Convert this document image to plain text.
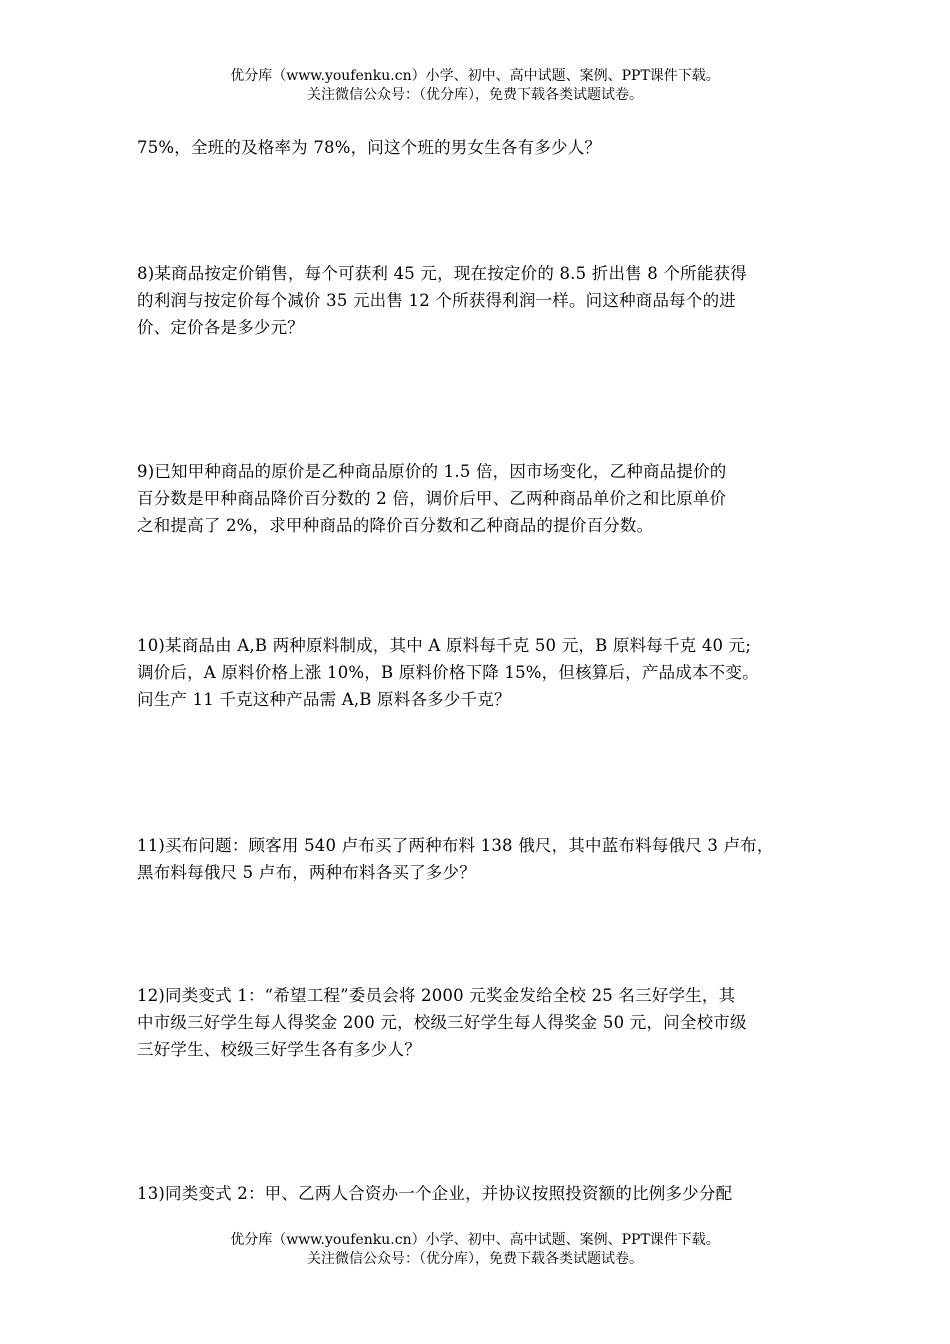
优分库（www.youfenku.cn）小学、初中、高中试题、案例、PPT课件下载。
关注微信公众号：（优分库），免费下载各类试题试卷。
75%，全班的及格率为 78%，问这个班的男女生各有多少人？
8)某商品按定价销售，每个可获利 45 元，现在按定价的 8.5 折出售 8 个所能获得
的利润与按定价每个减价 35 元出售 12 个所获得利润一样。问这种商品每个的进
价、定价各是多少元？
9)已知甲种商品的原价是乙种商品原价的 1.5 倍，因市场变化，乙种商品提价的
百分数是甲种商品降价百分数的 2 倍，调价后甲、乙两种商品单价之和比原单价
之和提高了 2%，求甲种商品的降价百分数和乙种商品的提价百分数。
10)某商品由 A,B 两种原料制成，其中 A 原料每千克 50 元，B 原料每千克 40 元;
调价后，A 原料价格上涨 10%，B 原料价格下降 15%，但核算后，产品成本不变。
问生产 11 千克这种产品需 A,B 原料各多少千克？
11)买布问题：顾客用 540 卢布买了两种布料 138 俄尺，其中蓝布料每俄尺 3 卢布，
黑布料每俄尺 5 卢布，两种布料各买了多少？
12)同类变式 1：“希望工程”委员会将 2000 元奖金发给全校 25 名三好学生，其
中市级三好学生每人得奖金 200 元，校级三好学生每人得奖金 50 元，问全校市级
三好学生、校级三好学生各有多少人？
13)同类变式 2：甲、乙两人合资办一个企业，并协议按照投资额的比例多少分配
优分库（www.youfenku.cn）小学、初中、高中试题、案例、PPT课件下载。
关注微信公众号：（优分库），免费下载各类试题试卷。
